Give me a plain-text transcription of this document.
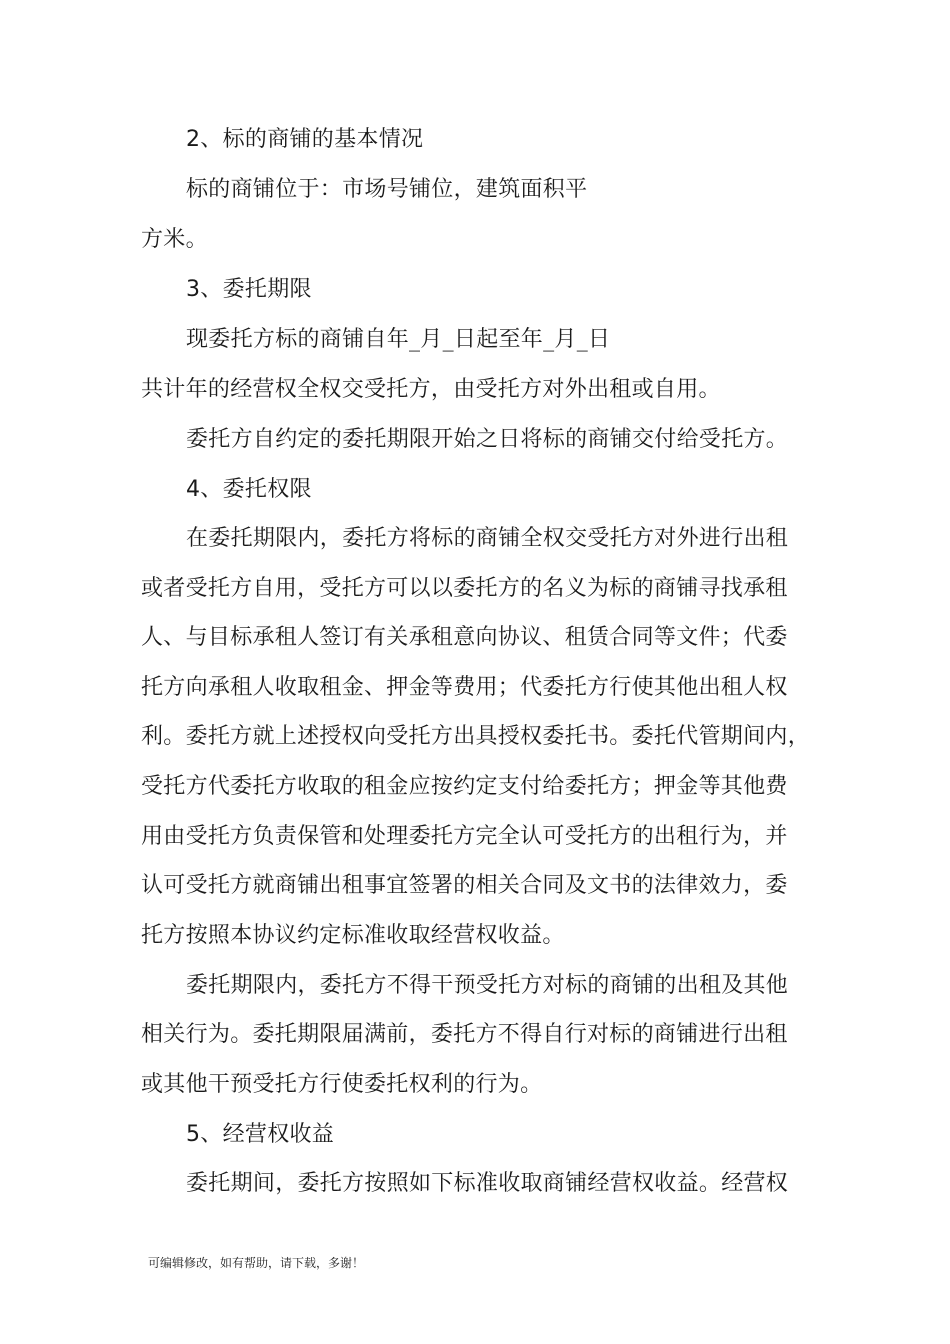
2、标的商铺的基本情况
标的商铺位于：市场号铺位，建筑面积平
方米。
3、委托期限
现委托方标的商铺自年_月_日起至年_月_日
共计年的经营权全权交受托方，由受托方对外出租或自用。
委托方自约定的委托期限开始之日将标的商铺交付给受托方。
4、委托权限
在委托期限内，委托方将标的商铺全权交受托方对外进行出租
或者受托方自用，受托方可以以委托方的名义为标的商铺寻找承租
人、与目标承租人签订有关承租意向协议、租赁合同等文件；代委
托方向承租人收取租金、押金等费用；代委托方行使其他出租人权
利。委托方就上述授权向受托方出具授权委托书。委托代管期间内，
受托方代委托方收取的租金应按约定支付给委托方；押金等其他费
用由受托方负责保管和处理委托方完全认可受托方的出租行为，并
认可受托方就商铺出租事宜签署的相关合同及文书的法律效力，委
托方按照本协议约定标准收取经营权收益。
委托期限内，委托方不得干预受托方对标的商铺的出租及其他
相关行为。委托期限届满前，委托方不得自行对标的商铺进行出租
或其他干预受托方行使委托权利的行为。
5、经营权收益
委托期间，委托方按照如下标准收取商铺经营权收益。经营权
可编辑修改，如有帮助，请下载，多谢！
